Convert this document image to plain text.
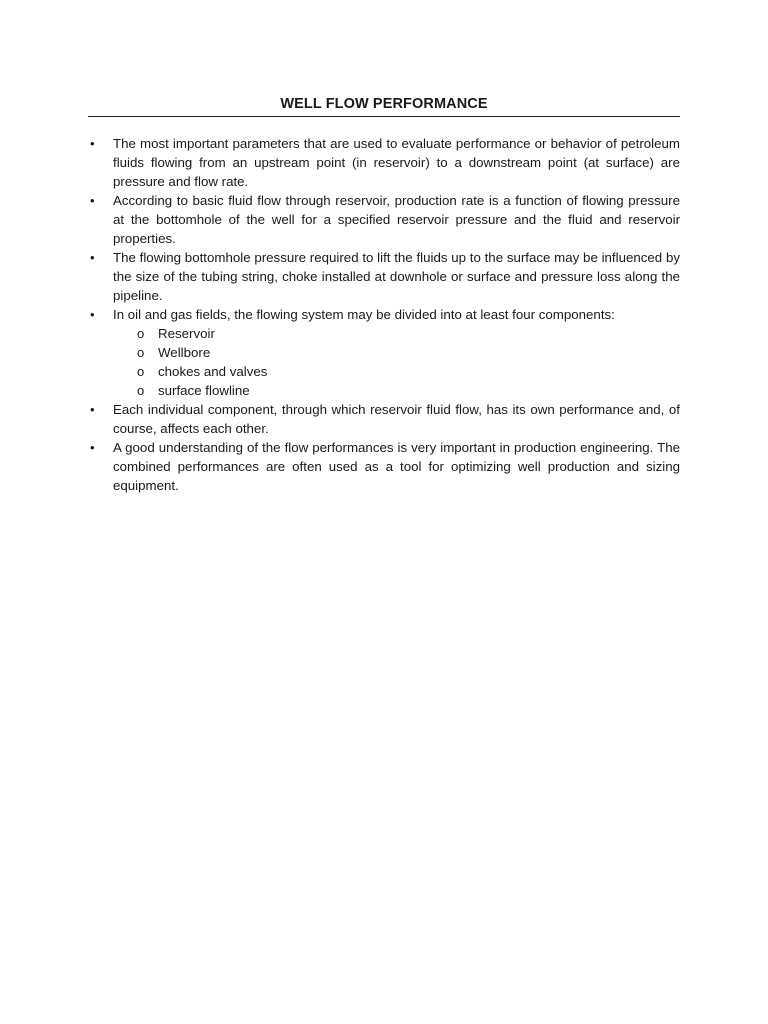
WELL FLOW PERFORMANCE
• The most important parameters that are used to evaluate performance or behavior of petroleum fluids flowing from an upstream point (in reservoir) to a downstream point (at surface) are pressure and flow rate.
• According to basic fluid flow through reservoir, production rate is a function of flowing pressure at the bottomhole of the well for a specified reservoir pressure and the fluid and reservoir properties.
• The flowing bottomhole pressure required to lift the fluids up to the surface may be influenced by the size of the tubing string, choke installed at downhole or surface and pressure loss along the pipeline.
• In oil and gas fields, the flowing system may be divided into at least four components:
o Reservoir
o Wellbore
o chokes and valves
o surface flowline
• Each individual component, through which reservoir fluid flow, has its own performance and, of course, affects each other.
• A good understanding of the flow performances is very important in production engineering. The combined performances are often used as a tool for optimizing well production and sizing equipment.
